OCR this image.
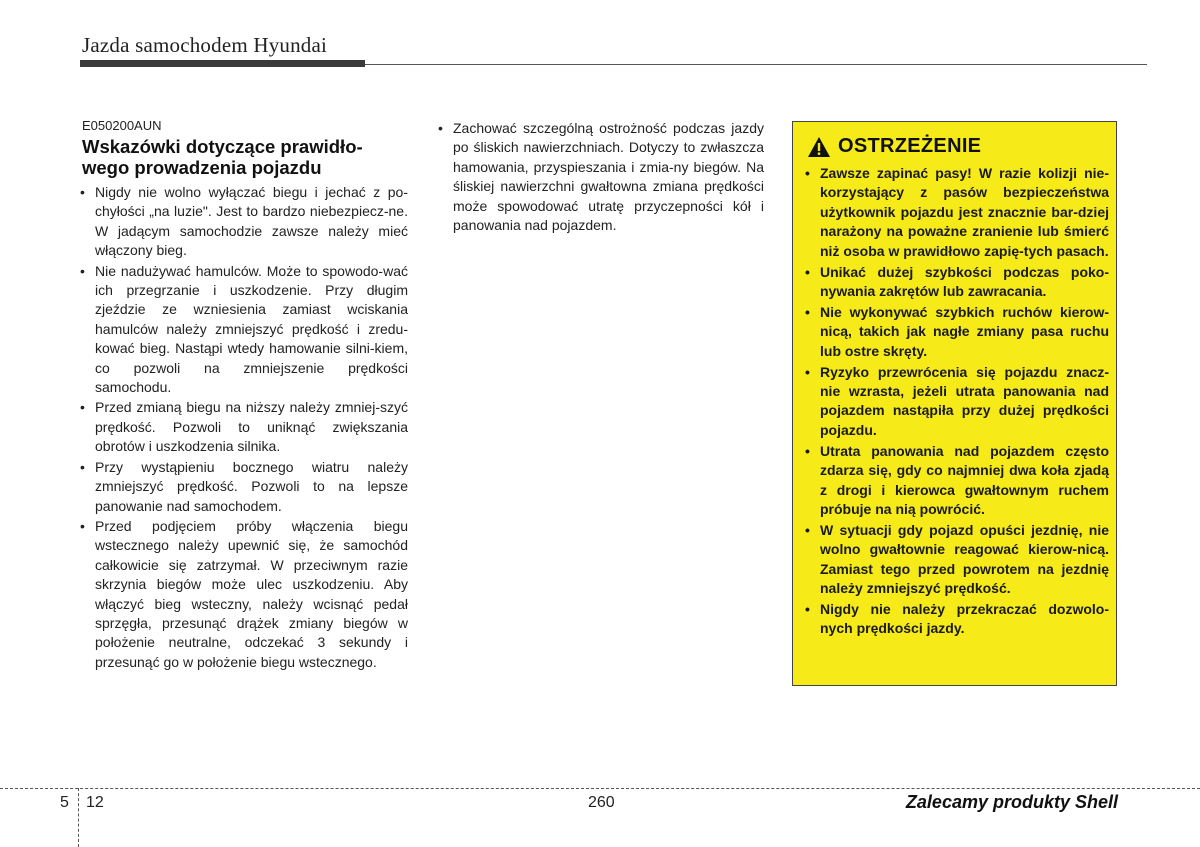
Jazda samochodem Hyundai
E050200AUN
Wskazówki dotyczące prawidło-
wego prowadzenia pojazdu
• Nigdy nie wolno wyłączać biegu i jechać z po-chyłości „na luzie". Jest to bardzo niebezpiecz-ne. W jadącym samochodzie zawsze należy mieć włączony bieg.
• Nie nadużywać hamulców. Może to spowodo-wać ich przegrzanie i uszkodzenie. Przy długim zjeździe ze wzniesienia zamiast wciskania hamulców należy zmniejszyć prędkość i zredu-kować bieg. Nastąpi wtedy hamowanie silni-kiem, co pozwoli na zmniejszenie prędkości samochodu.
• Przed zmianą biegu na niższy należy zmniej-szyć prędkość. Pozwoli to uniknąć zwiększania obrotów i uszkodzenia silnika.
• Przy wystąpieniu bocznego wiatru należy zmniejszyć prędkość. Pozwoli to na lepsze panowanie nad samochodem.
• Przed podjęciem próby włączenia biegu wstecznego należy upewnić się, że samochód całkowicie się zatrzymał. W przeciwnym razie skrzynia biegów może ulec uszkodzeniu. Aby włączyć bieg wsteczny, należy wcisnąć pedał sprzęgła, przesunąć drążek zmiany biegów w położenie neutralne, odczekać 3 sekundy i przesunąć go w położenie biegu wstecznego.
• Zachować szczególną ostrożność podczas jazdy po śliskich nawierzchniach. Dotyczy to zwłaszcza hamowania, przyspieszania i zmia-ny biegów. Na śliskiej nawierzchni gwałtowna zmiana prędkości może spowodować utratę przyczepności kół i panowania nad pojazdem.
OSTRZEŻENIE
• Zawsze zapinać pasy! W razie kolizji nie-korzystający z pasów bezpieczeństwa użytkownik pojazdu jest znacznie bar-dziej narażony na poważne zranienie lub śmierć niż osoba w prawidłowo zapię-tych pasach.
• Unikać dużej szybkości podczas poko-nywania zakrętów lub zawracania.
• Nie wykonywać szybkich ruchów kierow-nicą, takich jak nagłe zmiany pasa ruchu lub ostre skręty.
• Ryzyko przewrócenia się pojazdu znacz-nie wzrasta, jeżeli utrata panowania nad pojazdem nastąpiła przy dużej prędkości pojazdu.
• Utrata panowania nad pojazdem często zdarza się, gdy co najmniej dwa koła zjadą z drogi i kierowca gwałtownym ruchem próbuje na nią powrócić.
• W sytuacji gdy pojazd opuści jezdnię, nie wolno gwałtownie reagować kierow-nicą. Zamiast tego przed powrotem na jezdnię należy zmniejszyć prędkość.
• Nigdy nie należy przekraczać dozwolo-nych prędkości jazdy.
5 12	260	Zalecamy produkty Shell
